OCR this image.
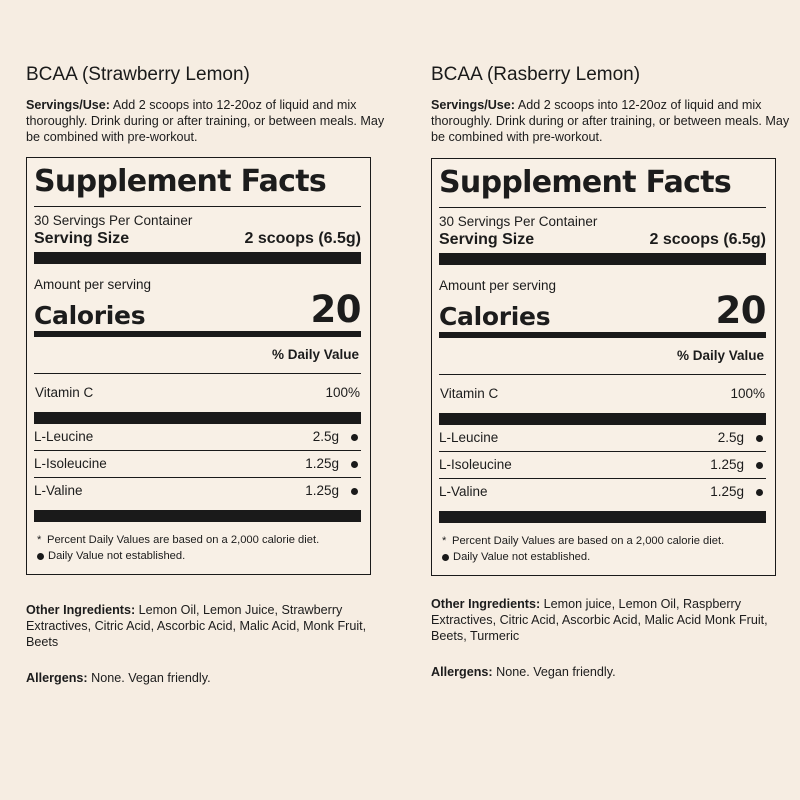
BCAA (Strawberry Lemon)
Servings/Use: Add 2 scoops into 12-20oz of liquid and mix thoroughly. Drink during or after training, or between meals. May be combined with pre-workout.
Supplement Facts
30 Servings Per Container
Serving Size	2 scoops (6.5g)
Amount per serving
Calories	20
% Daily Value
Vitamin C	100%
L-Leucine	2.5g
L-Isoleucine	1.25g
L-Valine	1.25g
* Percent Daily Values are based on a 2,000 calorie diet.
Daily Value not established.
Other Ingredients: Lemon Oil, Lemon Juice, Strawberry Extractives, Citric Acid, Ascorbic Acid, Malic Acid, Monk Fruit, Beets
Allergens: None. Vegan friendly.
BCAA (Rasberry Lemon)
Servings/Use: Add 2 scoops into 12-20oz of liquid and mix thoroughly. Drink during or after training, or between meals. May be combined with pre-workout.
Supplement Facts
30 Servings Per Container
Serving Size	2 scoops (6.5g)
Amount per serving
Calories	20
% Daily Value
Vitamin C	100%
L-Leucine	2.5g
L-Isoleucine	1.25g
L-Valine	1.25g
* Percent Daily Values are based on a 2,000 calorie diet.
Daily Value not established.
Other Ingredients: Lemon juice, Lemon Oil, Raspberry Extractives, Citric Acid, Ascorbic Acid, Malic Acid Monk Fruit, Beets, Turmeric
Allergens: None. Vegan friendly.
